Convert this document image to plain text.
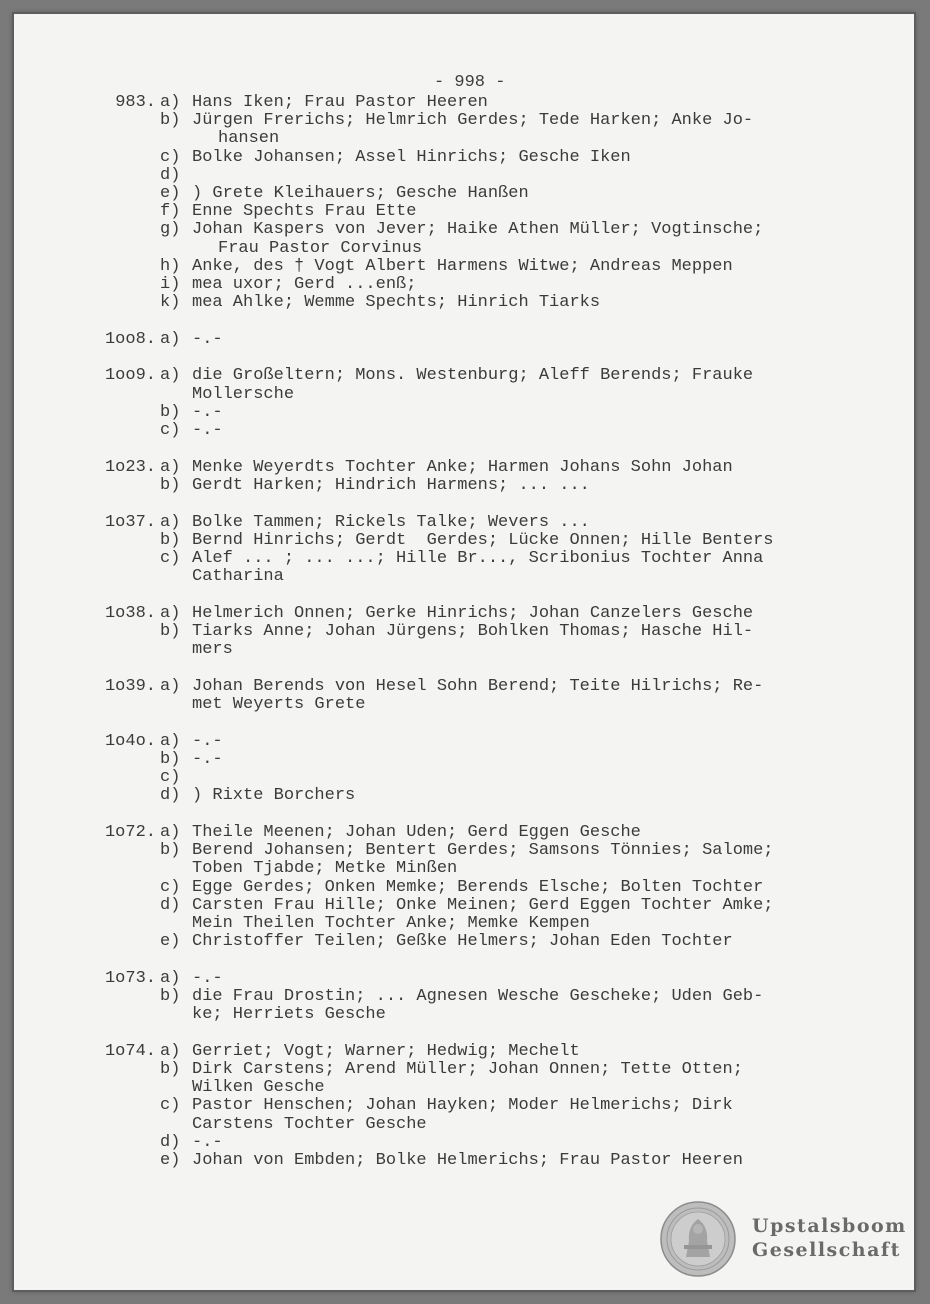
- 998 -
983. a) Hans Iken; Frau Pastor Heeren
b) Jürgen Frerichs; Helmrich Gerdes; Tede Harken; Anke Jo-
hansen
c) Bolke Johansen; Assel Hinrichs; Gesche Iken
d)
e) ) Grete Kleihauers; Gesche Hanßen
f) Enne Spechts Frau Ette
g) Johan Kaspers von Jever; Haike Athen Müller; Vogtinsche;
Frau Pastor Corvinus
h) Anke, des † Vogt Albert Harmens Witwe; Andreas Meppen
i) mea uxor; Gerd ...enß;
k) mea Ahlke; Wemme Spechts; Hinrich Tiarks
1oo8. a) -.-
1oo9. a) die Großeltern; Mons. Westenburg; Aleff Berends; Frauke
Mollersche
b) -.-
c) -.-
1o23. a) Menke Weyerdts Tochter Anke; Harmen Johans Sohn Johan
b) Gerdt Harken; Hindrich Harmens; ... ...
1o37. a) Bolke Tammen; Rickels Talke; Wevers ...
b) Bernd Hinrichs; Gerdt  Gerdes; Lücke Onnen; Hille Benters
c) Alef ... ; ... ...; Hille Br..., Scribonius Tochter Anna
Catharina
1o38. a) Helmerich Onnen; Gerke Hinrichs; Johan Canzelers Gesche
b) Tiarks Anne; Johan Jürgens; Bohlken Thomas; Hasche Hil-
mers
1o39. a) Johan Berends von Hesel Sohn Berend; Teite Hilrichs; Re-
met Weyerts Grete
1o4o. a) -.-
b) -.-
c)
d) ) Rixte Borchers
1o72. a) Theile Meenen; Johan Uden; Gerd Eggen Gesche
b) Berend Johansen; Bentert Gerdes; Samsons Tönnies; Salome;
Toben Tjabde; Metke Minßen
c) Egge Gerdes; Onken Memke; Berends Elsche; Bolten Tochter
d) Carsten Frau Hille; Onke Meinen; Gerd Eggen Tochter Amke;
Mein Theilen Tochter Anke; Memke Kempen
e) Christoffer Teilen; Geßke Helmers; Johan Eden Tochter
1o73. a) -.-
b) die Frau Drostin; ... Agnesen Wesche Gescheke; Uden Geb-
ke; Herriets Gesche
1o74. a) Gerriet; Vogt; Warner; Hedwig; Mechelt
b) Dirk Carstens; Arend Müller; Johan Onnen; Tette Otten;
Wilken Gesche
c) Pastor Henschen; Johan Hayken; Moder Helmerichs; Dirk
Carstens Tochter Gesche
d) -.-
e) Johan von Embden; Bolke Helmerichs; Frau Pastor Heeren
Upstalsboom
Gesellschaft
